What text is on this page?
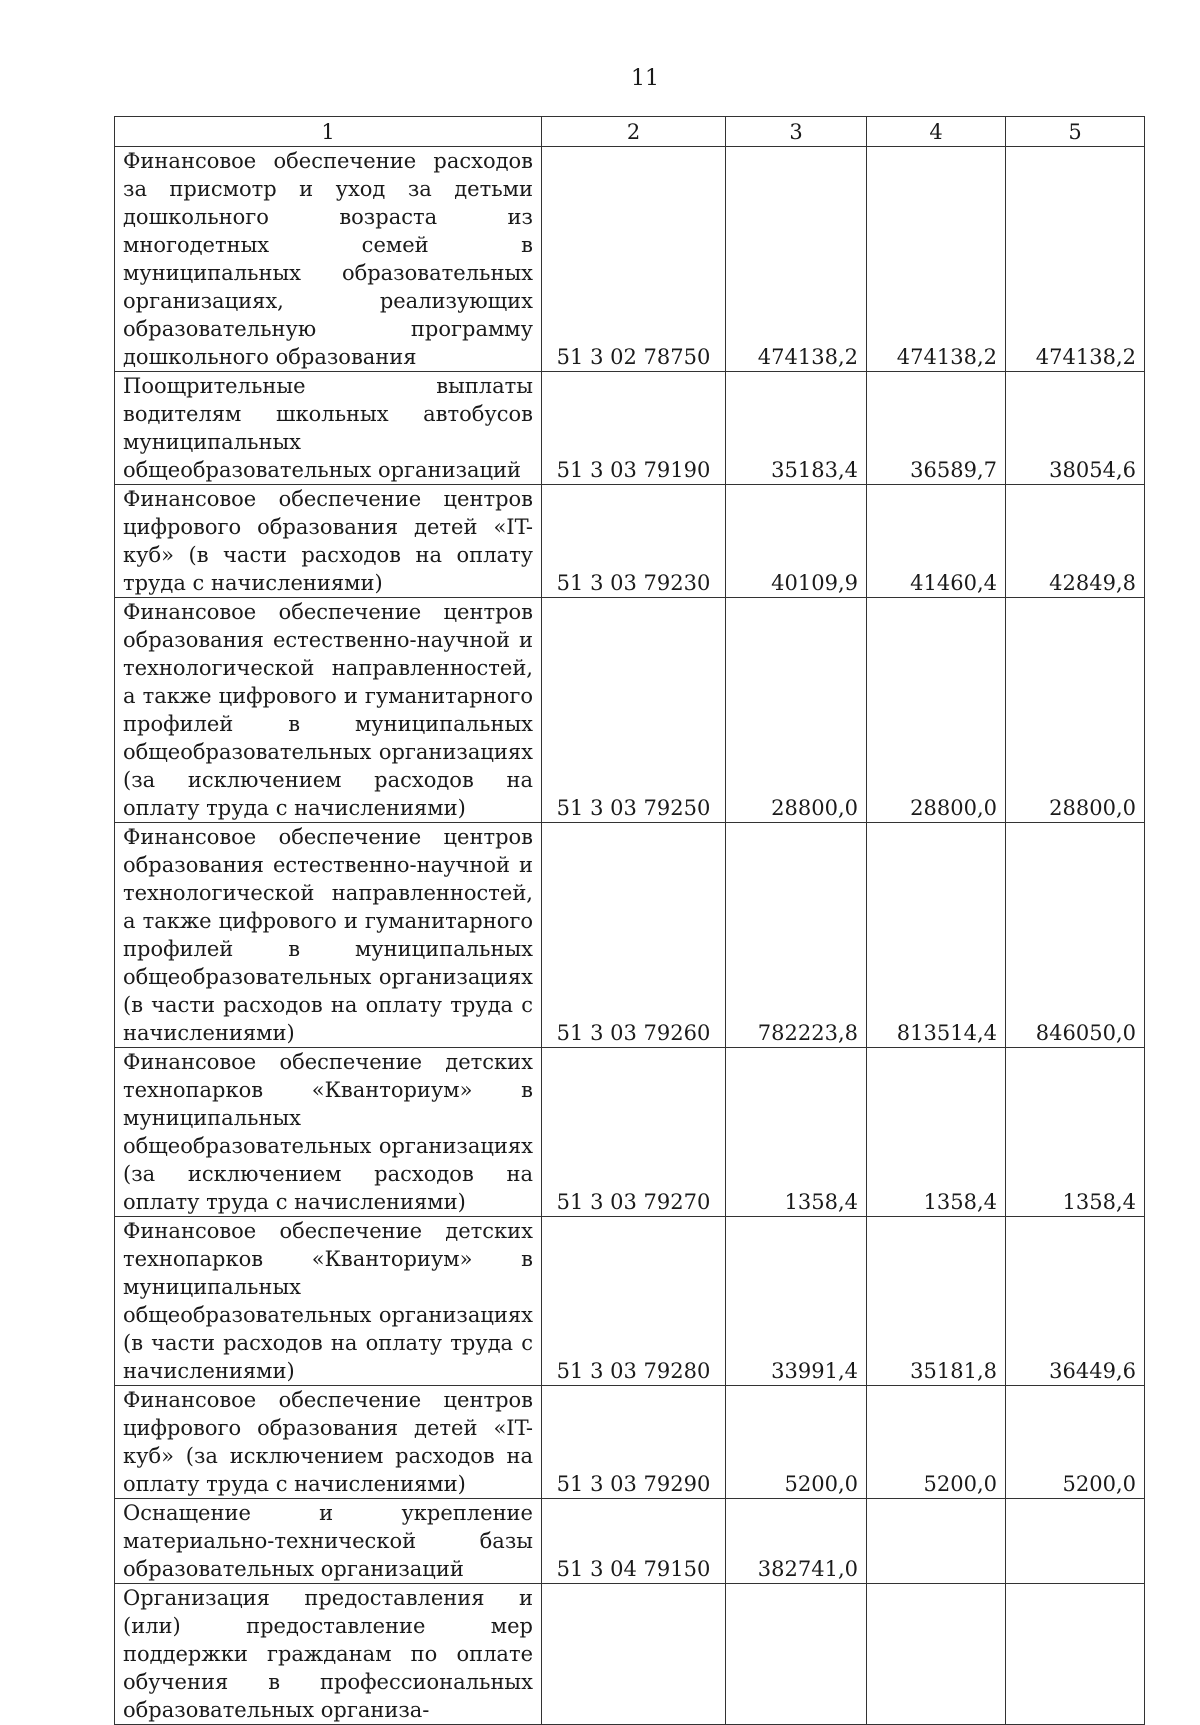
11
1	2	3	4	5
Финансовое обеспечение расходов за присмотр и уход за детьми дошкольного возраста из многодетных семей в муниципальных образовательных организациях, реализующих образовательную программу дошкольного образования	51 3 02 78750	474138,2	474138,2	474138,2
Поощрительные выплаты водителям школьных автобусов муниципальных общеобразовательных организаций	51 3 03 79190	35183,4	36589,7	38054,6
Финансовое обеспечение центров цифрового образования детей «IT-куб» (в части расходов на оплату труда с начислениями)	51 3 03 79230	40109,9	41460,4	42849,8
Финансовое обеспечение центров образования естественно-научной и технологической направленностей, а также цифрового и гуманитарного профилей в муниципальных общеобразовательных организациях (за исключением расходов на оплату труда с начислениями)	51 3 03 79250	28800,0	28800,0	28800,0
Финансовое обеспечение центров образования естественно-научной и технологической направленностей, а также цифрового и гуманитарного профилей в муниципальных общеобразовательных организациях (в части расходов на оплату труда с начислениями)	51 3 03 79260	782223,8	813514,4	846050,0
Финансовое обеспечение детских технопарков «Кванториум» в муниципальных общеобразовательных организациях (за исключением расходов на оплату труда с начислениями)	51 3 03 79270	1358,4	1358,4	1358,4
Финансовое обеспечение детских технопарков «Кванториум» в муниципальных общеобразовательных организациях (в части расходов на оплату труда с начислениями)	51 3 03 79280	33991,4	35181,8	36449,6
Финансовое обеспечение центров цифрового образования детей «IT-куб» (за исключением расходов на оплату труда с начислениями)	51 3 03 79290	5200,0	5200,0	5200,0
Оснащение и укрепление материально-технической базы образовательных организаций	51 3 04 79150	382741,0		
Организация предоставления и (или) предоставление мер поддержки гражданам по оплате обучения в профессиональных образовательных организа-				
